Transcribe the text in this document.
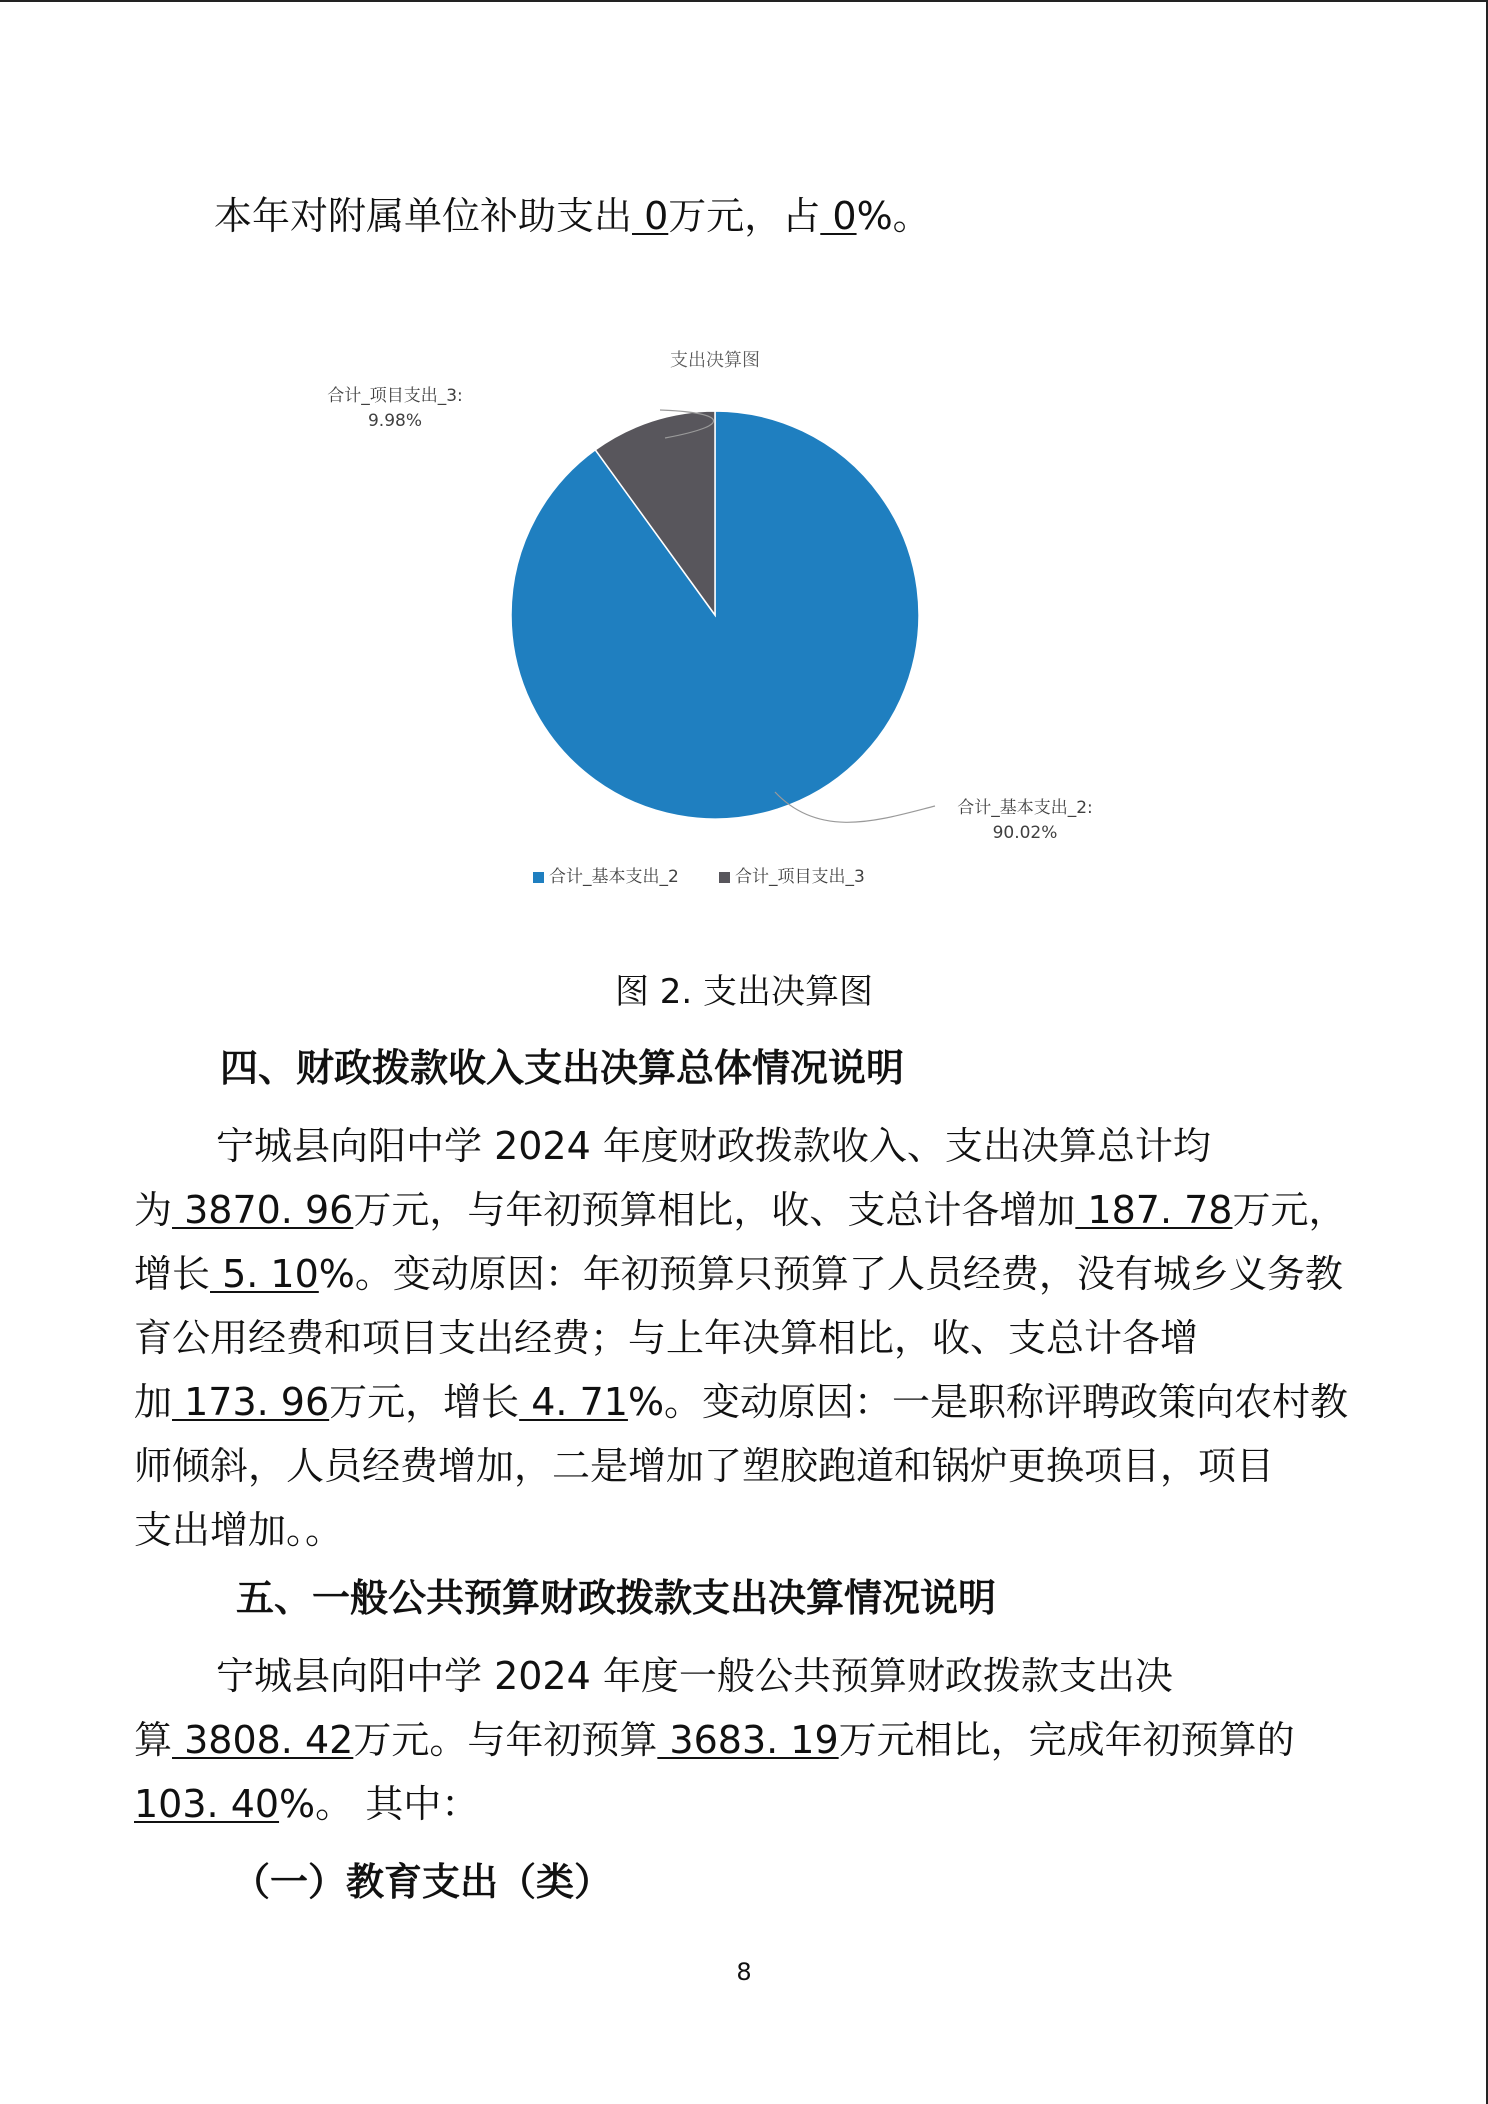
本年对附属单位补助支出 0万元，占 0%。
支出决算图
合计_项目支出_3:
9.98%
合计_基本支出_2:
90.02%
合计_基本支出_2	合计_项目支出_3
图 2. 支出决算图
四、财政拨款收入支出决算总体情况说明
宁城县向阳中学 2024 年度财政拨款收入、支出决算总计均
为 3870. 96万元，与年初预算相比，收、支总计各增加 187. 78万元，
增长 5. 10%。变动原因：年初预算只预算了人员经费，没有城乡义务教
育公用经费和项目支出经费；与上年决算相比，收、支总计各增
加 173. 96万元，增长 4. 71%。变动原因：一是职称评聘政策向农村教
师倾斜，人员经费增加，二是增加了塑胶跑道和锅炉更换项目，项目
支出增加。。
五、一般公共预算财政拨款支出决算情况说明
宁城县向阳中学 2024 年度一般公共预算财政拨款支出决
算 3808. 42万元。与年初预算 3683. 19万元相比，完成年初预算的
103. 40%。 其中：
（一）教育支出（类）
8
